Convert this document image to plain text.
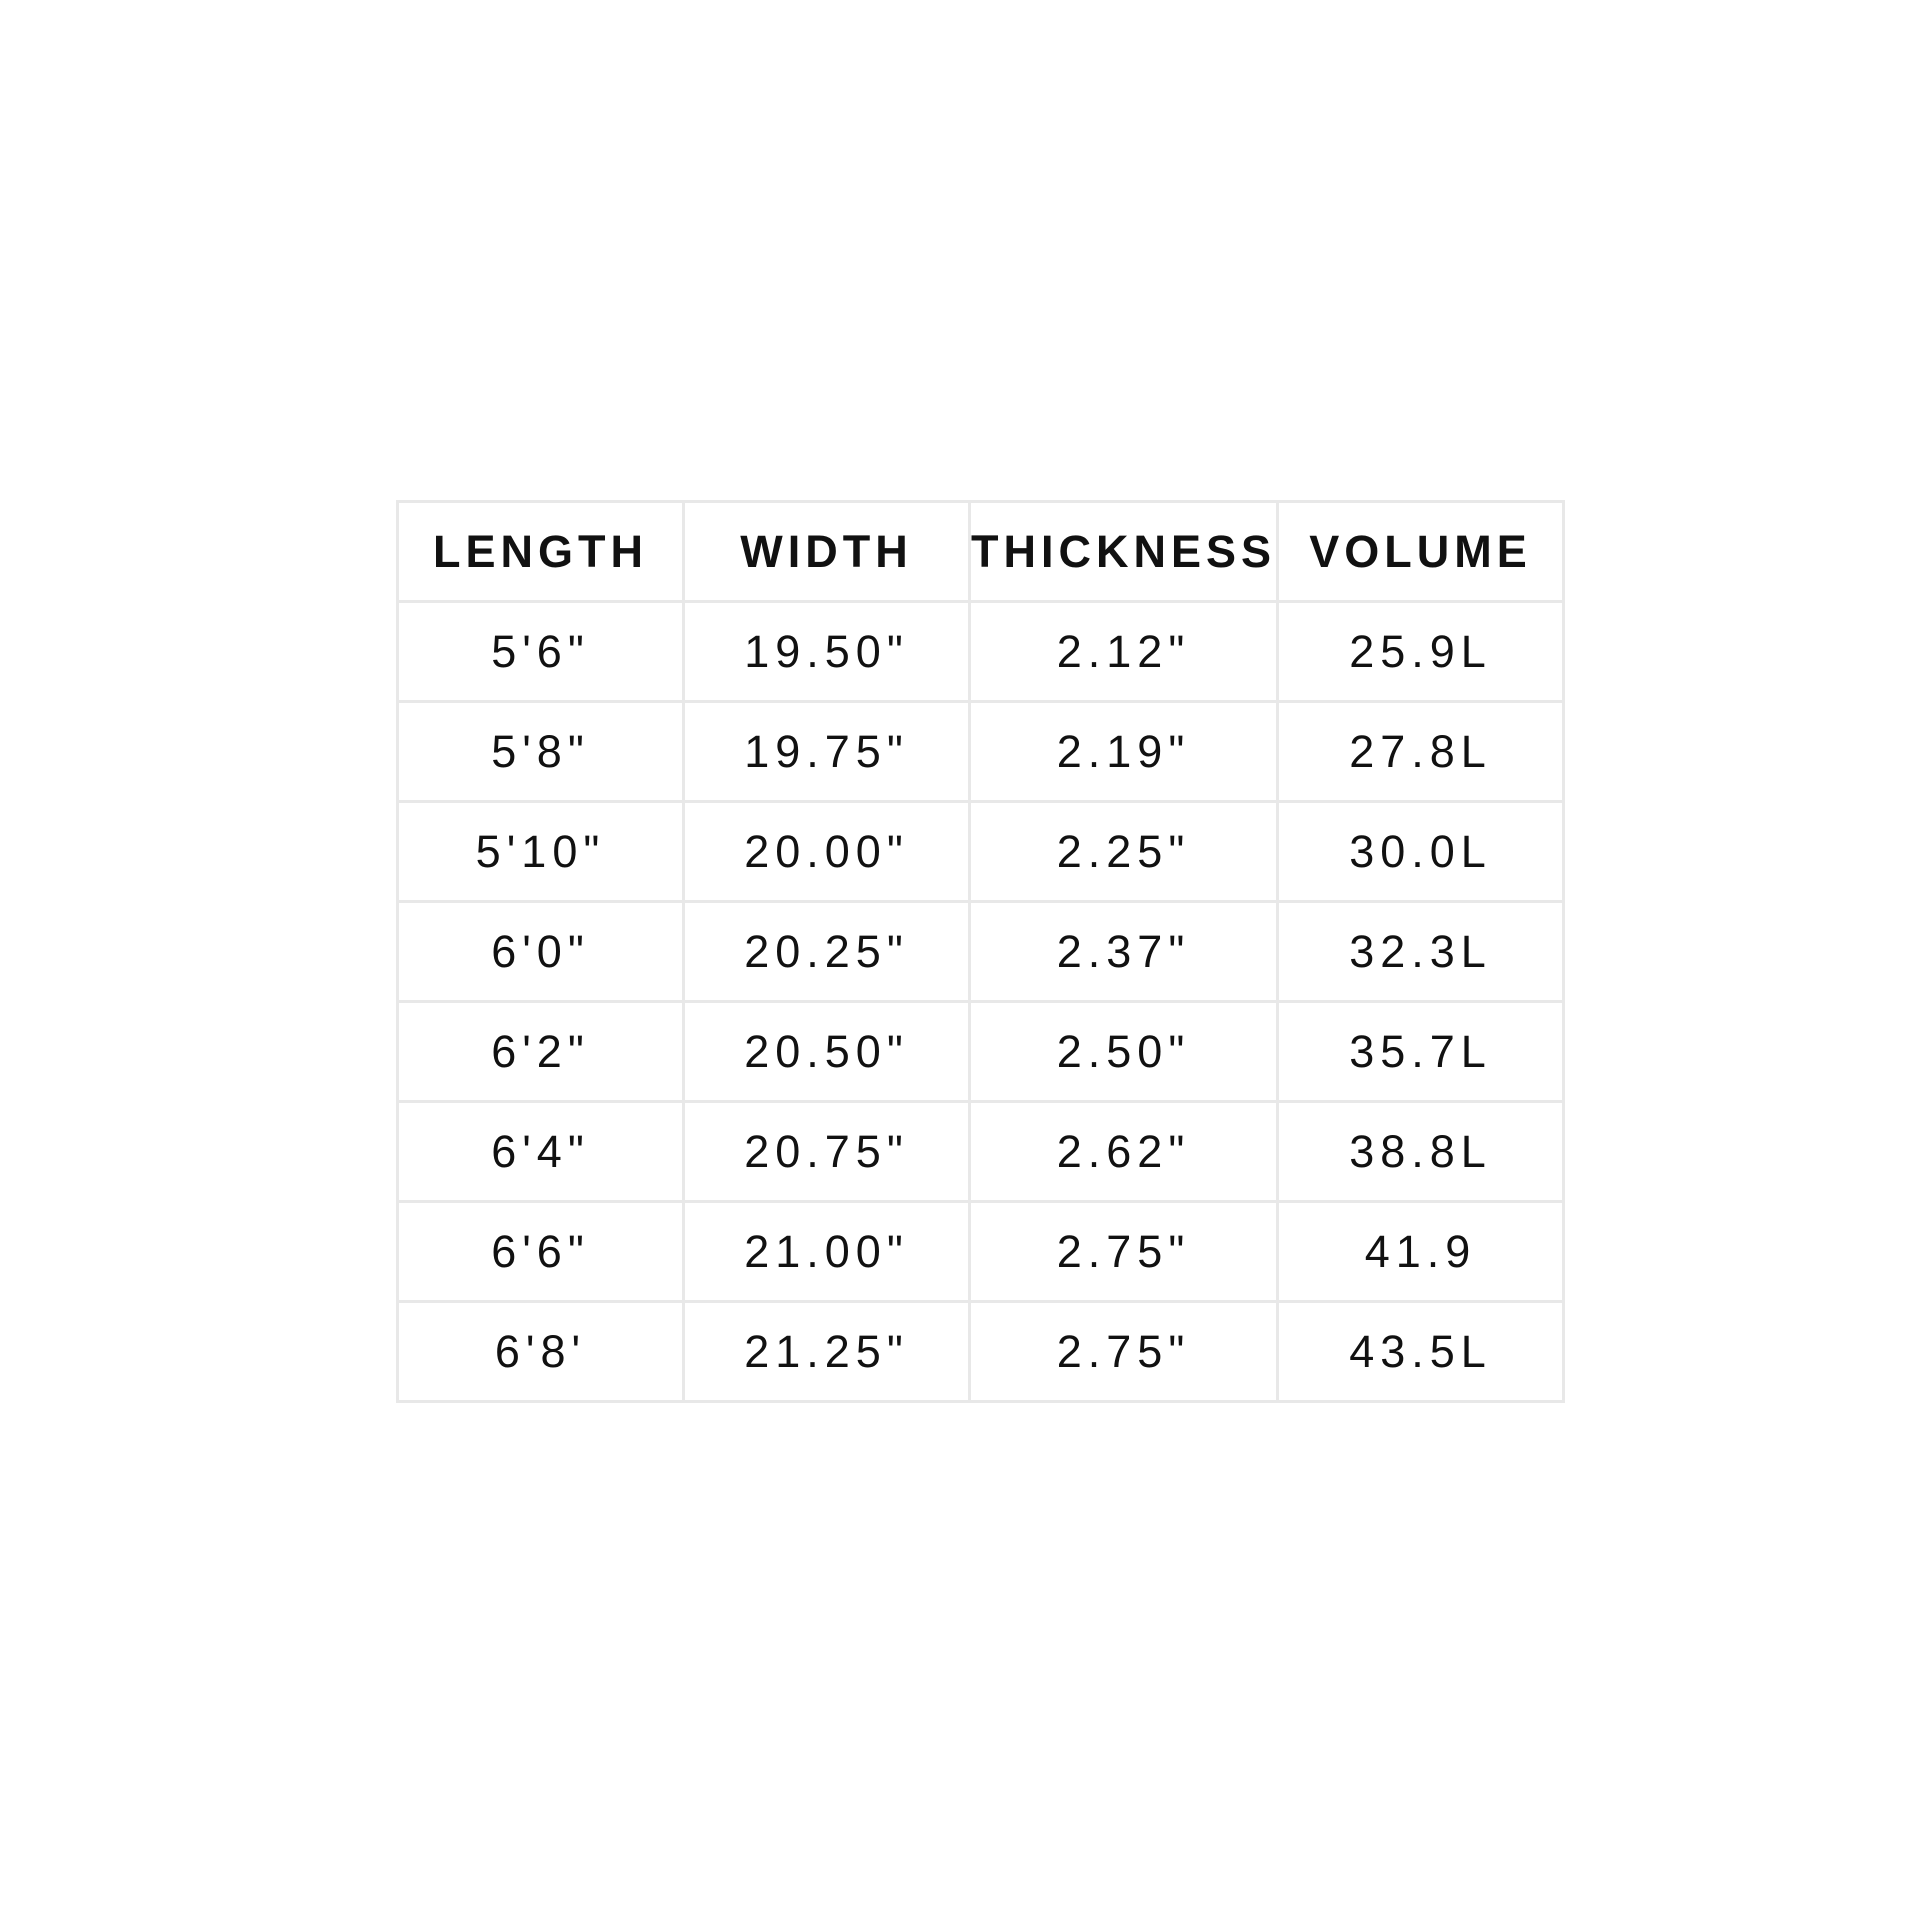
LENGTH	WIDTH	THICKNESS	VOLUME
5'6"	19.50"	2.12"	25.9L
5'8"	19.75"	2.19"	27.8L
5'10"	20.00"	2.25"	30.0L
6'0"	20.25"	2.37"	32.3L
6'2"	20.50"	2.50"	35.7L
6'4"	20.75"	2.62"	38.8L
6'6"	21.00"	2.75"	41.9
6'8'	21.25"	2.75"	43.5L
